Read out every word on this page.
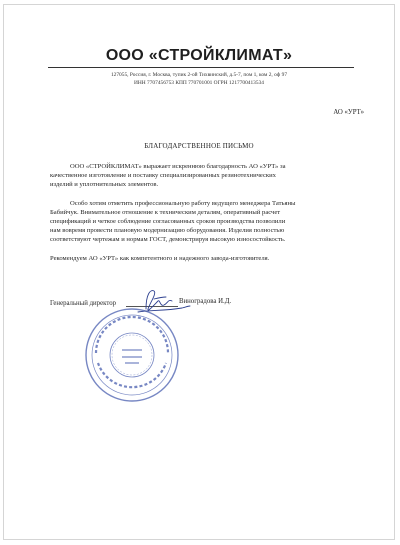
ООО «СТРОЙКЛИМАТ»
127055, Россия, г. Москва, тупик 2-ой Тихвинский, д.5-7, пом 1, ком 2, оф 97
ИНН 7707456753 КПП 770701001 ОГРН 1217700413534
АО «УРТ»
БЛАГОДАРСТВЕННОЕ ПИСЬМО
ООО «СТРОЙКЛИМАТ» выражает искреннюю благодарность АО «УРТ» за
качественное изготовление и поставку специализированных резинотехнических
изделий и уплотнительных элементов.
Особо хотим отметить профессиональную работу ведущего менеджера Татьяны
Бабийчук. Внимательное отношение к техническим деталям, оперативный расчет
спецификаций и четкое соблюдение согласованных сроков производства позволили
нам вовремя провести плановую модернизацию оборудования. Изделия полностью
соответствуют чертежам и нормам ГОСТ, демонстрируя высокую износостойкость.
Рекомендуем АО «УРТ» как компетентного и надежного завода-изготовителя.
Генеральный директор	Виноградова И.Д.
